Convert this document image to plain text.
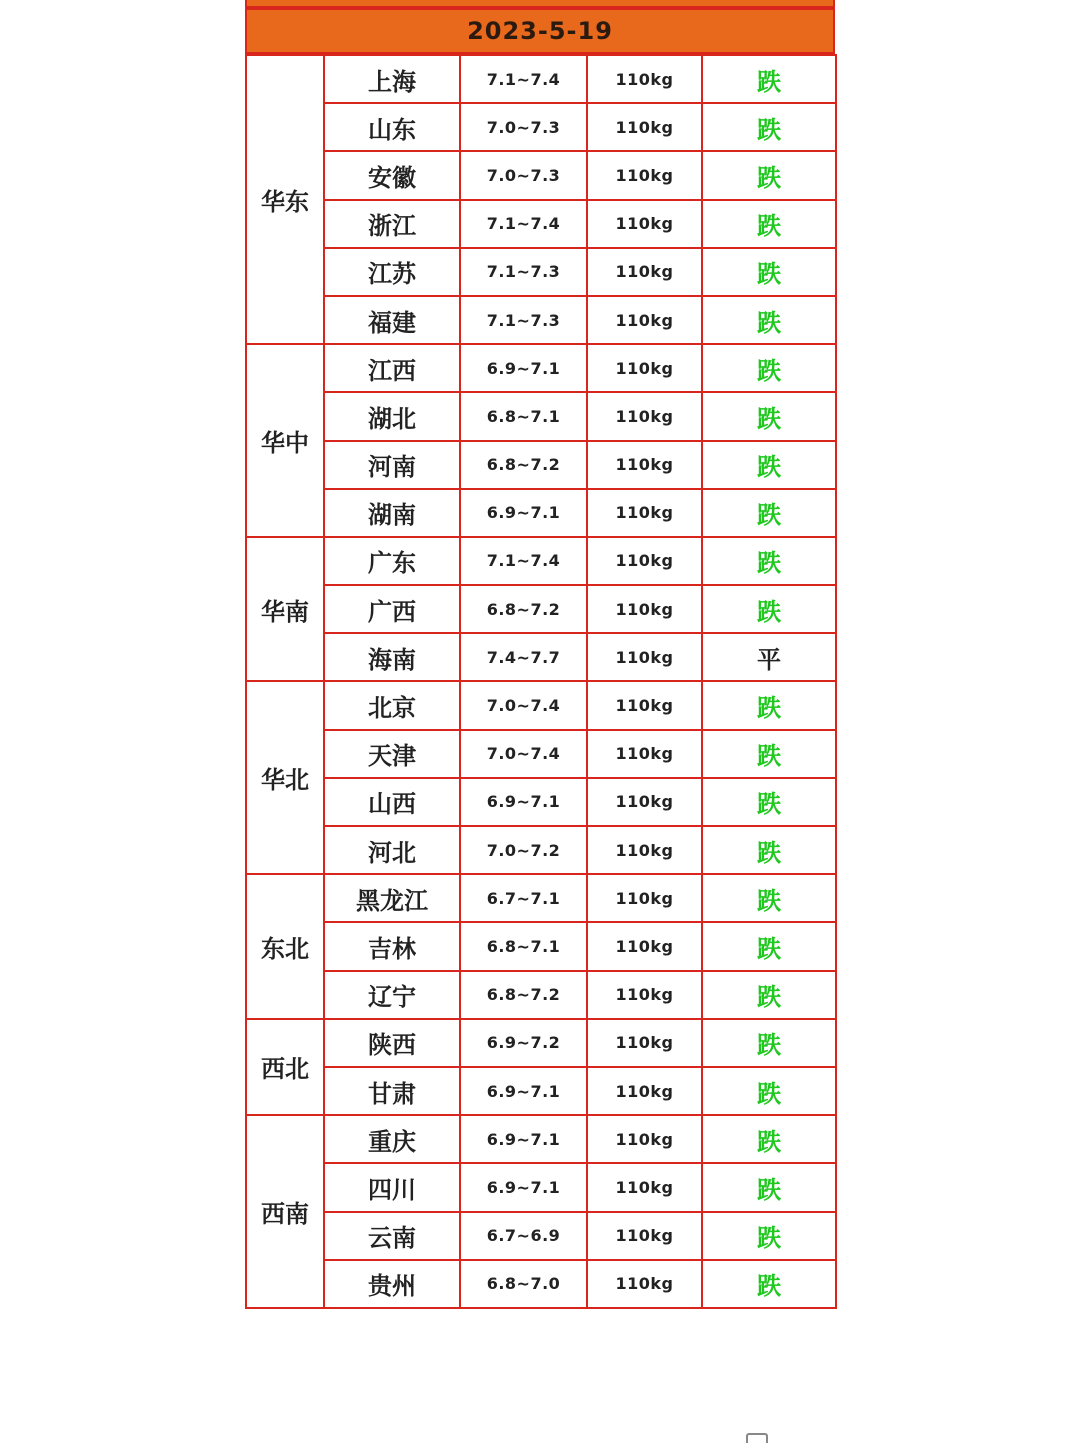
2023-5-19
华东	上海	7.1~7.4	110kg	跌
	山东	7.0~7.3	110kg	跌
	安徽	7.0~7.3	110kg	跌
	浙江	7.1~7.4	110kg	跌
	江苏	7.1~7.3	110kg	跌
	福建	7.1~7.3	110kg	跌
华中	江西	6.9~7.1	110kg	跌
	湖北	6.8~7.1	110kg	跌
	河南	6.8~7.2	110kg	跌
	湖南	6.9~7.1	110kg	跌
华南	广东	7.1~7.4	110kg	跌
	广西	6.8~7.2	110kg	跌
	海南	7.4~7.7	110kg	平
华北	北京	7.0~7.4	110kg	跌
	天津	7.0~7.4	110kg	跌
	山西	6.9~7.1	110kg	跌
	河北	7.0~7.2	110kg	跌
东北	黑龙江	6.7~7.1	110kg	跌
	吉林	6.8~7.1	110kg	跌
	辽宁	6.8~7.2	110kg	跌
西北	陕西	6.9~7.2	110kg	跌
	甘肃	6.9~7.1	110kg	跌
西南	重庆	6.9~7.1	110kg	跌
	四川	6.9~7.1	110kg	跌
	云南	6.7~6.9	110kg	跌
	贵州	6.8~7.0	110kg	跌
